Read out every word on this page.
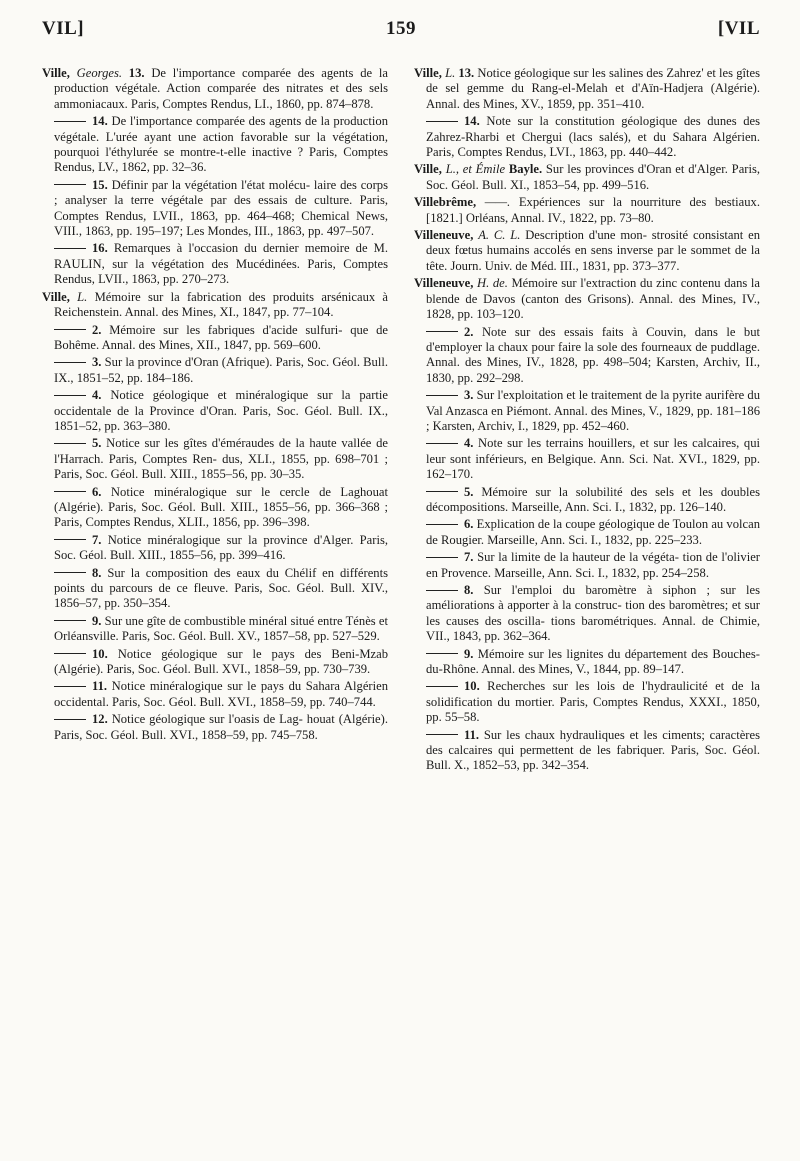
VIL]	159	[VIL

Ville, Georges. 13. De l'importance comparée des agents de la production végétale. Action comparée des nitrates et des sels ammoniacaux. Paris, Comptes Rendus, LI., 1860, pp. 874–878.

14. De l'importance comparée des agents de la production végétale. L'urée ayant une action favorable sur la végétation, pourquoi l'éthylurée se montre-t-elle inactive ? Paris, Comptes Rendus, LV., 1862, pp. 32–36.

15. Définir par la végétation l'état molécu- laire des corps ; analyser la terre végétale par des essais de culture. Paris, Comptes Rendus, LVII., 1863, pp. 464–468; Chemical News, VIII., 1863, pp. 195–197; Les Mondes, III., 1863, pp. 497–507.

16. Remarques à l'occasion du dernier memoire de M. RAULIN, sur la végétation des Mucédinées. Paris, Comptes Rendus, LVII., 1863, pp. 270–273.

Ville, L. Mémoire sur la fabrication des produits arsénicaux à Reichenstein. Annal. des Mines, XI., 1847, pp. 77–104.

2. Mémoire sur les fabriques d'acide sulfuri- que de Bohême. Annal. des Mines, XII., 1847, pp. 569–600.

3. Sur la province d'Oran (Afrique). Paris, Soc. Géol. Bull. IX., 1851–52, pp. 184–186.

4. Notice géologique et minéralogique sur la partie occidentale de la Province d'Oran. Paris, Soc. Géol. Bull. IX., 1851–52, pp. 363–380.

5. Notice sur les gîtes d'éméraudes de la haute vallée de l'Harrach. Paris, Comptes Ren- dus, XLI., 1855, pp. 698–701 ; Paris, Soc. Géol. Bull. XIII., 1855–56, pp. 30–35.

6. Notice minéralogique sur le cercle de Laghouat (Algérie). Paris, Soc. Géol. Bull. XIII., 1855–56, pp. 366–368 ; Paris, Comptes Rendus, XLII., 1856, pp. 396–398.

7. Notice minéralogique sur la province d'Alger. Paris, Soc. Géol. Bull. XIII., 1855–56, pp. 399–416.

8. Sur la composition des eaux du Chélif en différents points du parcours de ce fleuve. Paris, Soc. Géol. Bull. XIV., 1856–57, pp. 350–354.

9. Sur une gîte de combustible minéral situé entre Ténès et Orléansville. Paris, Soc. Géol. Bull. XV., 1857–58, pp. 527–529.

10. Notice géologique sur le pays des Beni-Mzab (Algérie). Paris, Soc. Géol. Bull. XVI., 1858–59, pp. 730–739.

11. Notice minéralogique sur le pays du Sahara Algérien occidental. Paris, Soc. Géol. Bull. XVI., 1858–59, pp. 740–744.

12. Notice géologique sur l'oasis de Lag- houat (Algérie). Paris, Soc. Géol. Bull. XVI., 1858–59, pp. 745–758.

Ville, L. 13. Notice géologique sur les salines des Zahrez' et les gîtes de sel gemme du Rang-el-Melah et d'Aïn-Hadjera (Algérie). Annal. des Mines, XV., 1859, pp. 351–410.

14. Note sur la constitution géologique des dunes des Zahrez-Rharbi et Chergui (lacs salés), et du Sahara Algérien. Paris, Comptes Rendus, LVI., 1863, pp. 440–442.

Ville, L., et Émile Bayle. Sur les provinces d'Oran et d'Alger. Paris, Soc. Géol. Bull. XI., 1853–54, pp. 499–516.

Villebrême, ——. Expériences sur la nourriture des bestiaux. [1821.] Orléans, Annal. IV., 1822, pp. 73–80.

Villeneuve, A. C. L. Description d'une mon- strosité consistant en deux fœtus humains accolés en sens inverse par le sommet de la tête. Journ. Univ. de Méd. III., 1831, pp. 373–377.

Villeneuve, H. de. Mémoire sur l'extraction du zinc contenu dans la blende de Davos (canton des Grisons). Annal. des Mines, IV., 1828, pp. 103–120.

2. Note sur des essais faits à Couvin, dans le but d'employer la chaux pour faire la sole des fourneaux de puddlage. Annal. des Mines, IV., 1828, pp. 498–504; Karsten, Archiv, II., 1830, pp. 292–298.

3. Sur l'exploitation et le traitement de la pyrite aurifère du Val Anzasca en Piémont. Annal. des Mines, V., 1829, pp. 181–186 ; Karsten, Archiv, I., 1829, pp. 452–460.

4. Note sur les terrains houillers, et sur les calcaires, qui leur sont inférieurs, en Belgique. Ann. Sci. Nat. XVI., 1829, pp. 162–170.

5. Mémoire sur la solubilité des sels et les doubles décompositions. Marseille, Ann. Sci. I., 1832, pp. 126–140.

6. Explication de la coupe géologique de Toulon au volcan de Rougier. Marseille, Ann. Sci. I., 1832, pp. 225–233.

7. Sur la limite de la hauteur de la végéta- tion de l'olivier en Provence. Marseille, Ann. Sci. I., 1832, pp. 254–258.

8. Sur l'emploi du baromètre à siphon ; sur les améliorations à apporter à la construc- tion des baromètres; et sur les causes des oscilla- tions barométriques. Annal. de Chimie, VII., 1843, pp. 362–364.

9. Mémoire sur les lignites du département des Bouches-du-Rhône. Annal. des Mines, V., 1844, pp. 89–147.

10. Recherches sur les lois de l'hydraulicité et de la solidification du mortier. Paris, Comptes Rendus, XXXI., 1850, pp. 55–58.

11. Sur les chaux hydrauliques et les ciments; caractères des calcaires qui permettent de les fabriquer. Paris, Soc. Géol. Bull. X., 1852–53, pp. 342–354.
